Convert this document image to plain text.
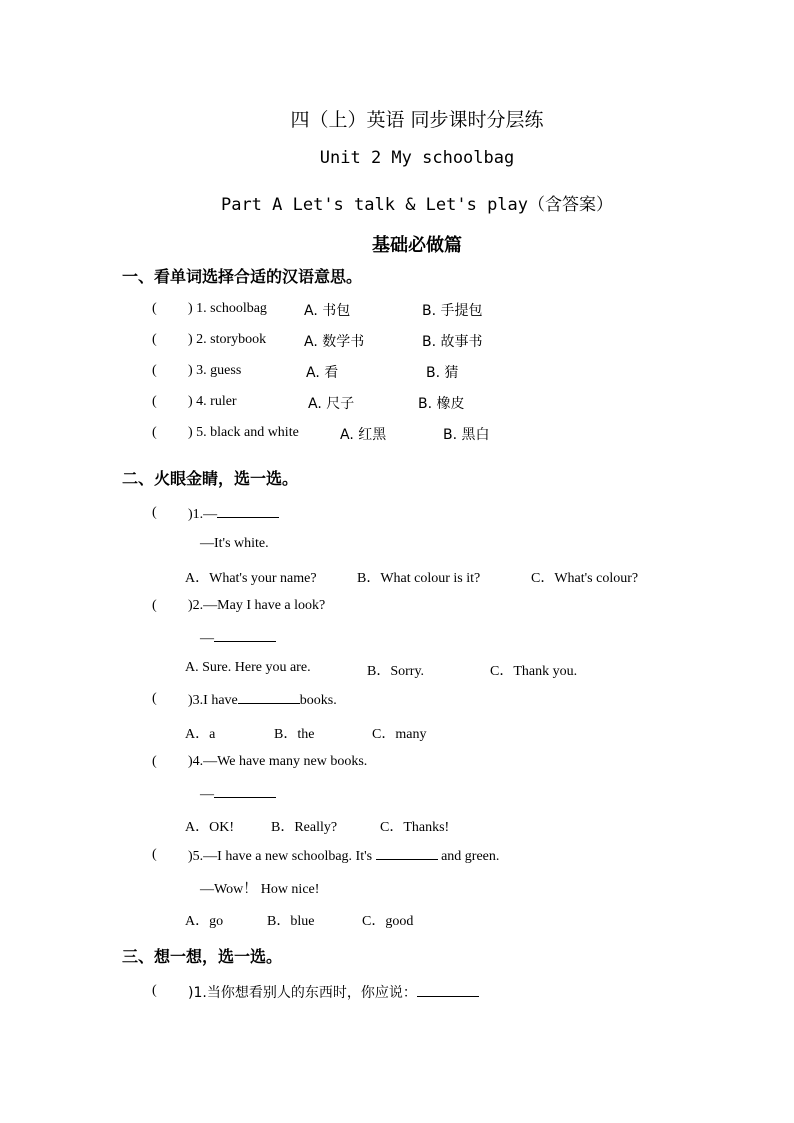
四（上）英语 同步课时分层练
Unit 2 My schoolbag
Part A Let's talk & Let's play（含答案）
基础必做篇
一、看单词选择合适的汉语意思。
( ) 1. schoolbag	A. 书包	B. 手提包
( ) 2. storybook	A. 数学书	B. 故事书
( ) 3. guess	A. 看	B. 猜
( ) 4. ruler	A. 尺子	B. 橡皮
( ) 5. black and white	A. 红黑	B. 黑白
二、火眼金睛，选一选。
( )1.—
—It's white.
A．What's your name?	B．What colour is it?	C．What's colour?
( )2.—May I have a look?
—
A. Sure. Here you are.	B．Sorry.	C．Thank you.
( )3.I have	books.
A．a	B．the	C．many
( )4.—We have many new books.
—
A．OK!	B．Really?	C．Thanks!
( )5.—I have a new schoolbag. It's	and green.
—Wow！ How nice!
A．go	B．blue	C．good
三、想一想，选一选。
( )1.当你想看别人的东西时，你应说：
